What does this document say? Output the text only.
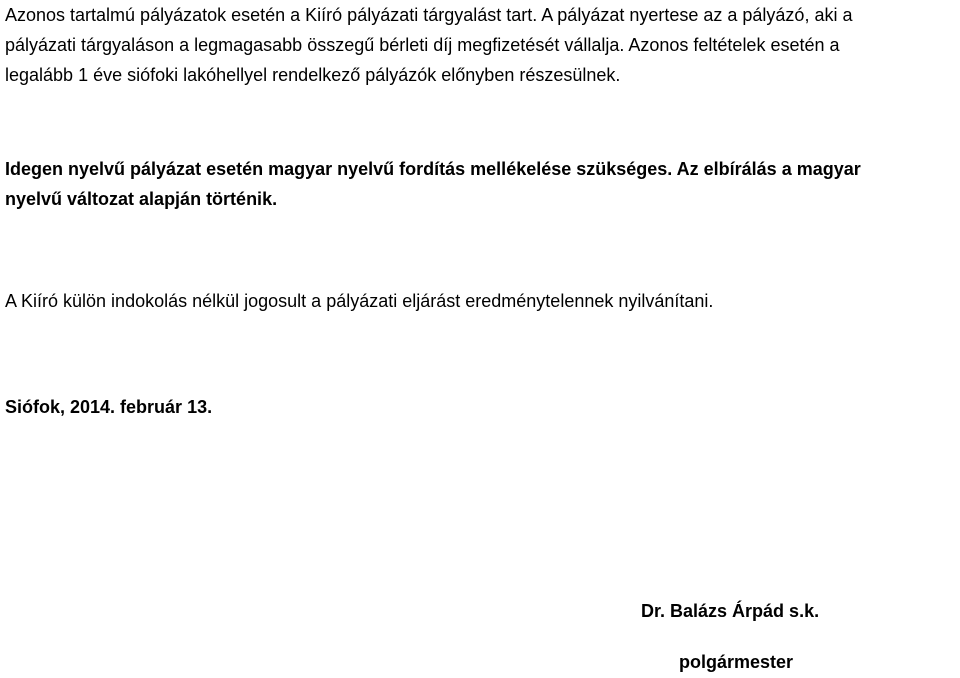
Azonos tartalmú pályázatok esetén a Kiíró pályázati tárgyalást tart. A pályázat nyertese az a pályázó, aki a
pályázati tárgyaláson a legmagasabb összegű bérleti díj megfizetését vállalja. Azonos feltételek esetén a
legalább 1 éve siófoki lakóhellyel rendelkező pályázók előnyben részesülnek.

Idegen nyelvű pályázat esetén magyar nyelvű fordítás mellékelése szükséges. Az elbírálás a magyar
nyelvű változat alapján történik.

A Kiíró külön indokolás nélkül jogosult a pályázati eljárást eredménytelennek nyilvánítani.

Siófok, 2014. február 13.

Dr. Balázs Árpád s.k.

polgármester
